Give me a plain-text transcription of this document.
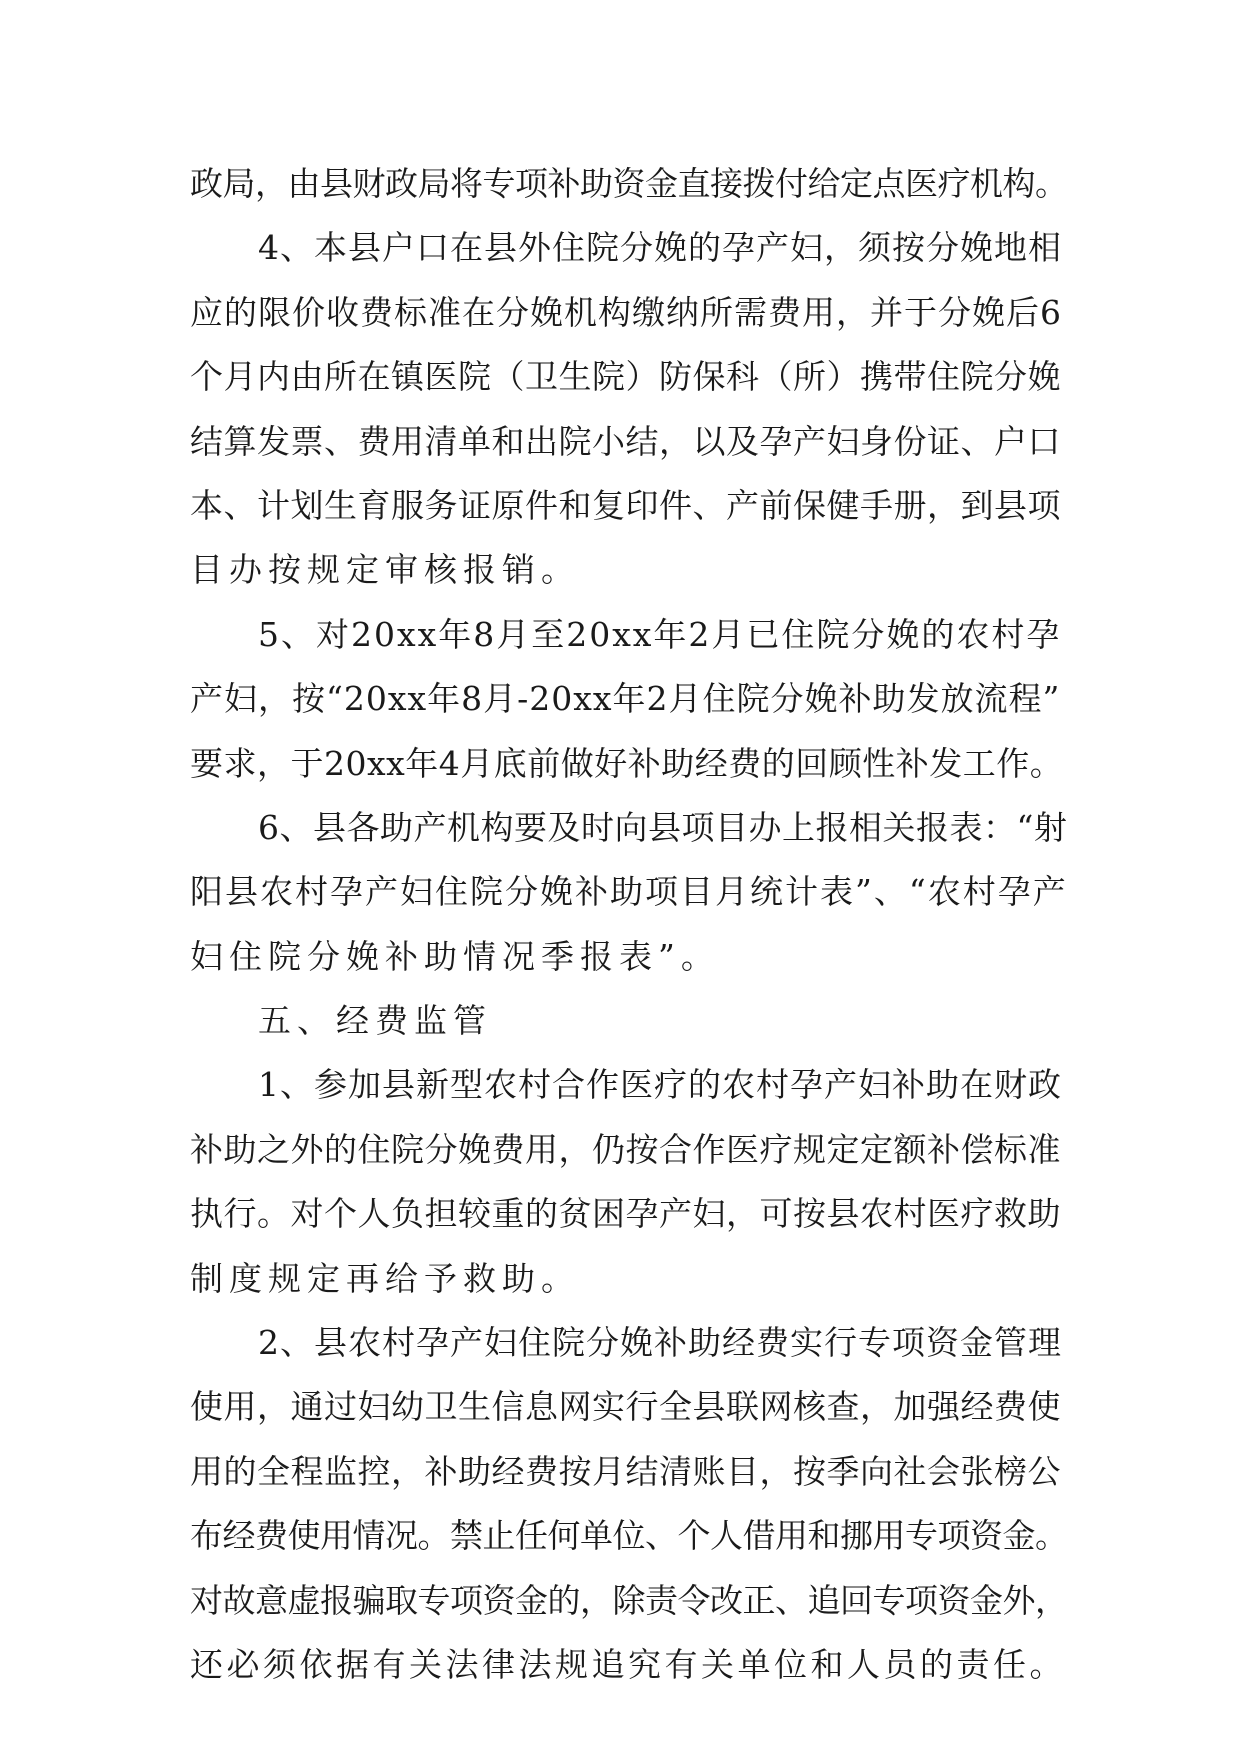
政局，由县财政局将专项补助资金直接拨付给定点医疗机构。
4、本县户口在县外住院分娩的孕产妇，须按分娩地相
应的限价收费标准在分娩机构缴纳所需费用，并于分娩后6
个月内由所在镇医院（卫生院）防保科（所）携带住院分娩
结算发票、费用清单和出院小结，以及孕产妇身份证、户口
本、计划生育服务证原件和复印件、产前保健手册，到县项
目办按规定审核报销。
5、对20xx年8月至20xx年2月已住院分娩的农村孕
产妇，按“20xx年8月-20xx年2月住院分娩补助发放流程”
要求，于20xx年4月底前做好补助经费的回顾性补发工作。
6、县各助产机构要及时向县项目办上报相关报表：“射
阳县农村孕产妇住院分娩补助项目月统计表”、“农村孕产
妇住院分娩补助情况季报表”。
五、经费监管
1、参加县新型农村合作医疗的农村孕产妇补助在财政
补助之外的住院分娩费用，仍按合作医疗规定定额补偿标准
执行。对个人负担较重的贫困孕产妇，可按县农村医疗救助
制度规定再给予救助。
2、县农村孕产妇住院分娩补助经费实行专项资金管理
使用，通过妇幼卫生信息网实行全县联网核查，加强经费使
用的全程监控，补助经费按月结清账目，按季向社会张榜公
布经费使用情况。禁止任何单位、个人借用和挪用专项资金。
对故意虚报骗取专项资金的，除责令改正、追回专项资金外，
还必须依据有关法律法规追究有关单位和人员的责任。
